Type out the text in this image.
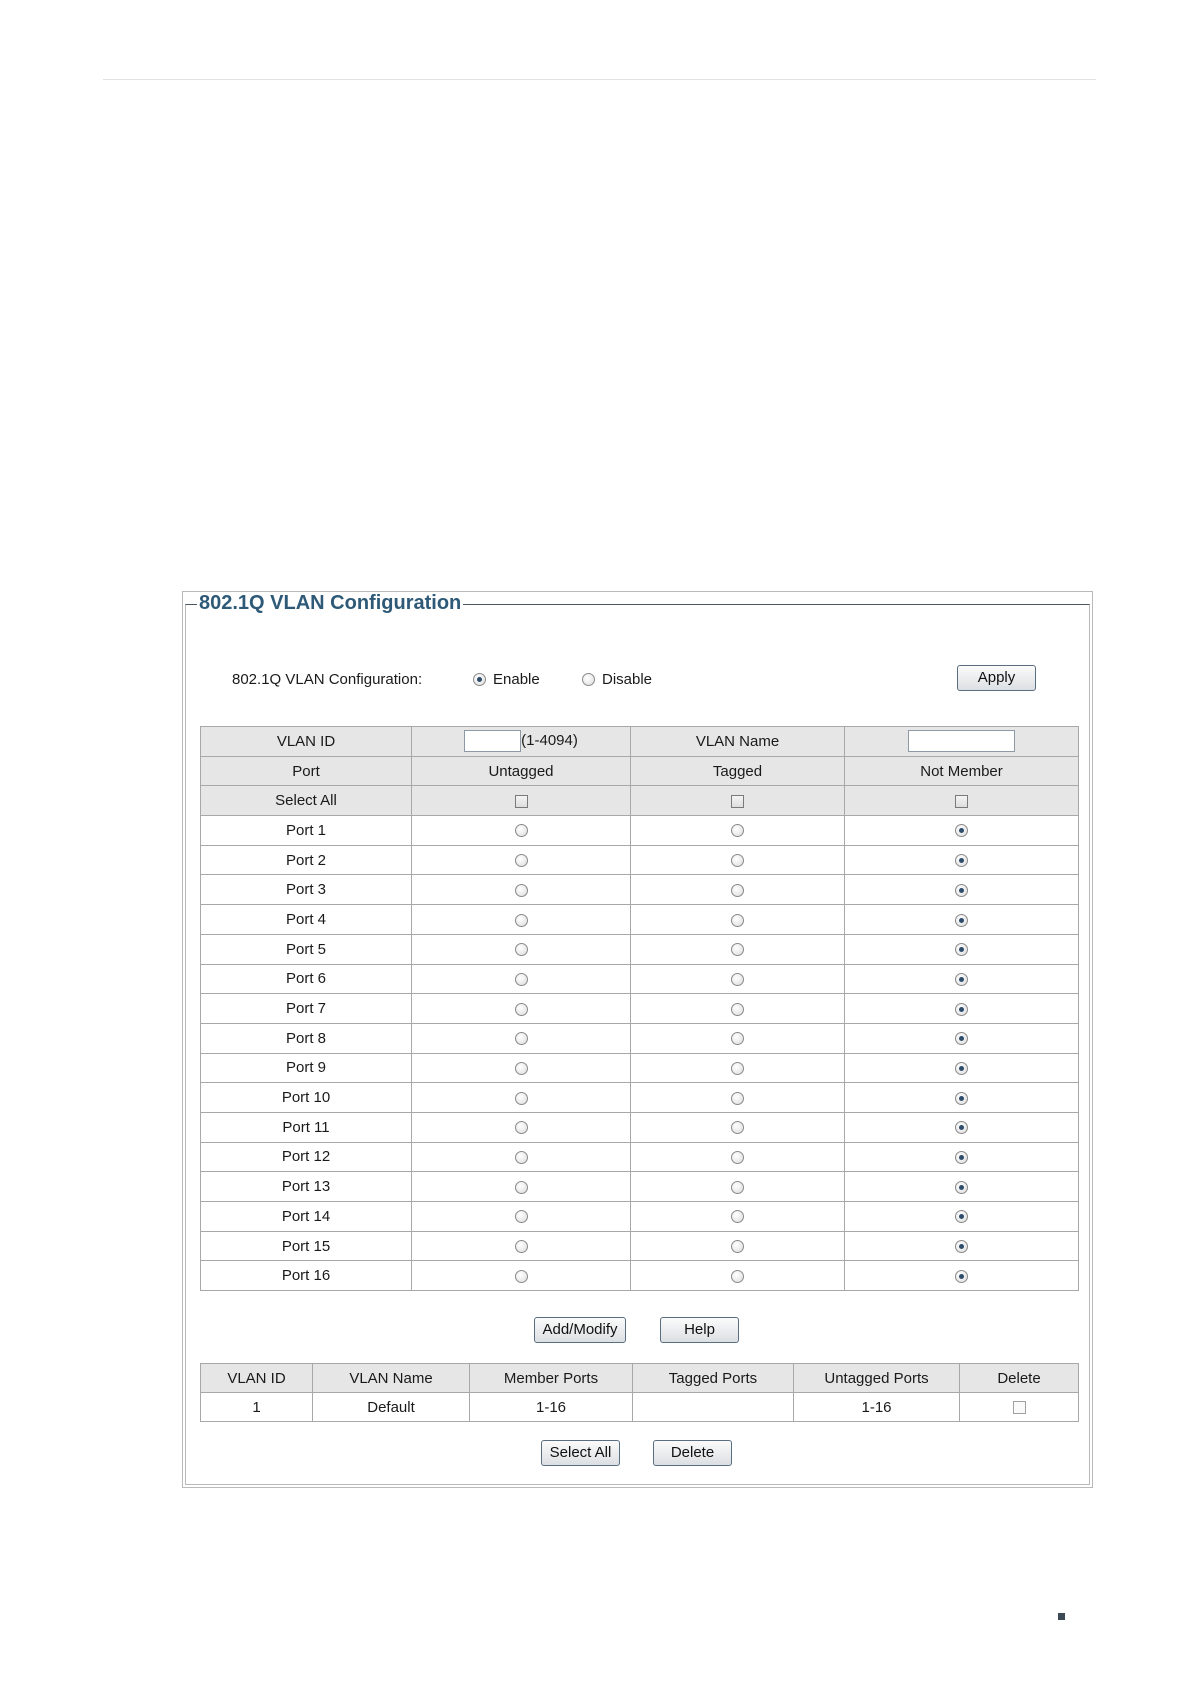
802.1Q VLAN Configuration
802.1Q VLAN Configuration:	Enable	Disable	Apply
VLAN ID	(1-4094)	VLAN Name	
Port	Untagged	Tagged	Not Member
Select All			
Port 1			
Port 2			
Port 3			
Port 4			
Port 5			
Port 6			
Port 7			
Port 8			
Port 9			
Port 10			
Port 11			
Port 12			
Port 13			
Port 14			
Port 15			
Port 16			
Add/Modify	Help
VLAN ID	VLAN Name	Member Ports	Tagged Ports	Untagged Ports	Delete
1	Default	1-16		1-16	
Select All	Delete
